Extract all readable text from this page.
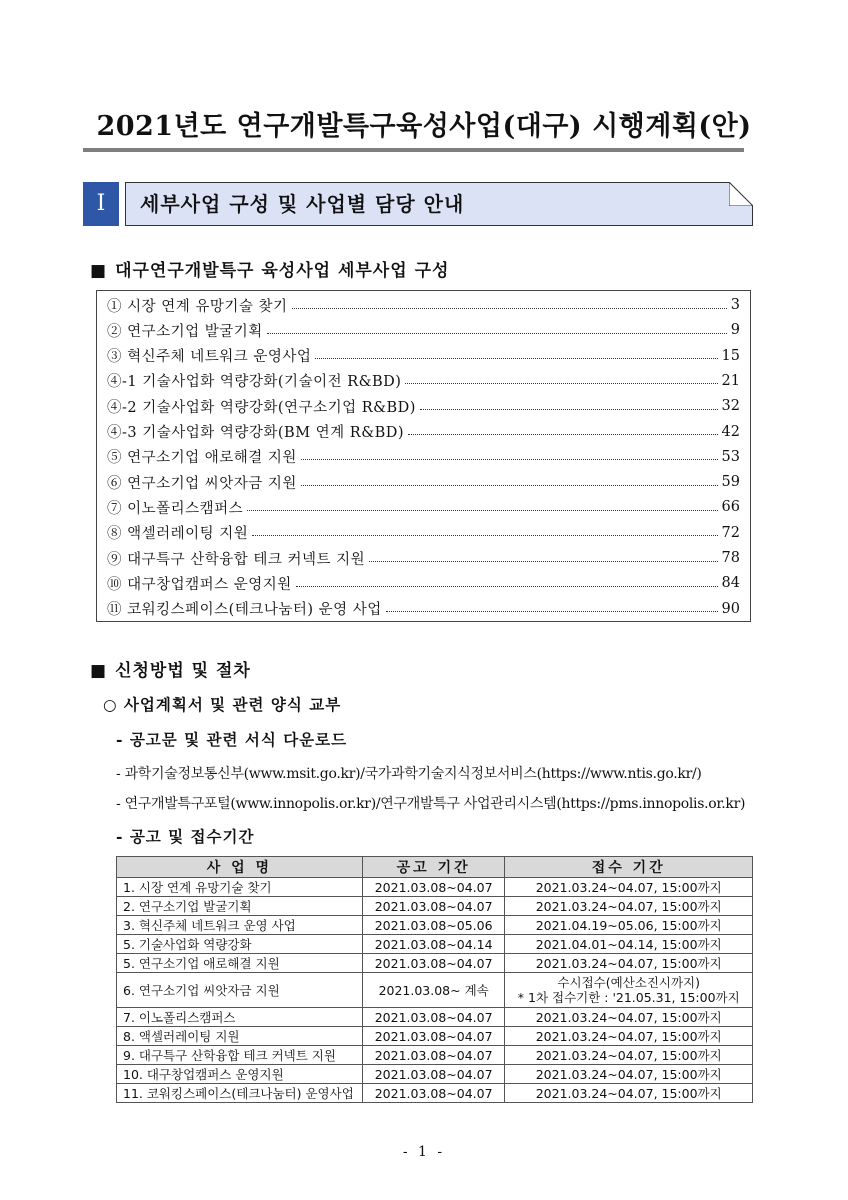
2021년도 연구개발특구육성사업(대구) 시행계획(안)
Ⅰ	세부사업 구성 및 사업별 담당 안내
■ 대구연구개발특구 육성사업 세부사업 구성
① 시장 연계 유망기술 찾기	3
② 연구소기업 발굴기획	9
③ 혁신주체 네트워크 운영사업	15
④-1 기술사업화 역량강화(기술이전 R&BD)	21
④-2 기술사업화 역량강화(연구소기업 R&BD)	32
④-3 기술사업화 역량강화(BM 연계 R&BD)	42
⑤ 연구소기업 애로해결 지원	53
⑥ 연구소기업 씨앗자금 지원	59
⑦ 이노폴리스캠퍼스	66
⑧ 액셀러레이팅 지원	72
⑨ 대구특구 산학융합 테크 커넥트 지원	78
⑩ 대구창업캠퍼스 운영지원	84
⑪ 코워킹스페이스(테크나눔터) 운영 사업	90
■ 신청방법 및 절차
○ 사업계획서 및 관련 양식 교부
- 공고문 및 관련 서식 다운로드
- 과학기술정보통신부(www.msit.go.kr)/국가과학기술지식정보서비스(https://www.ntis.go.kr/)
- 연구개발특구포털(www.innopolis.or.kr)/연구개발특구 사업관리시스템(https://pms.innopolis.or.kr)
- 공고 및 접수기간
사 업 명	공고 기간	접수 기간
1. 시장 연계 유망기술 찾기	2021.03.08~04.07	2021.03.24~04.07, 15:00까지
2. 연구소기업 발굴기획	2021.03.08~04.07	2021.03.24~04.07, 15:00까지
3. 혁신주체 네트워크 운영 사업	2021.03.08~05.06	2021.04.19~05.06, 15:00까지
5. 기술사업화 역량강화	2021.03.08~04.14	2021.04.01~04.14, 15:00까지
5. 연구소기업 애로해결 지원	2021.03.08~04.07	2021.03.24~04.07, 15:00까지
6. 연구소기업 씨앗자금 지원	2021.03.08~ 계속	수시접수(예산소진시까지)
* 1차 접수기한 : '21.05.31, 15:00까지

7. 이노폴리스캠퍼스	2021.03.08~04.07	2021.03.24~04.07, 15:00까지
8. 액셀러레이팅 지원	2021.03.08~04.07	2021.03.24~04.07, 15:00까지
9. 대구특구 산학융합 테크 커넥트 지원	2021.03.08~04.07	2021.03.24~04.07, 15:00까지
10. 대구창업캠퍼스 운영지원	2021.03.08~04.07	2021.03.24~04.07, 15:00까지
11. 코워킹스페이스(테크나눔터) 운영사업	2021.03.08~04.07	2021.03.24~04.07, 15:00까지
- 1 -
